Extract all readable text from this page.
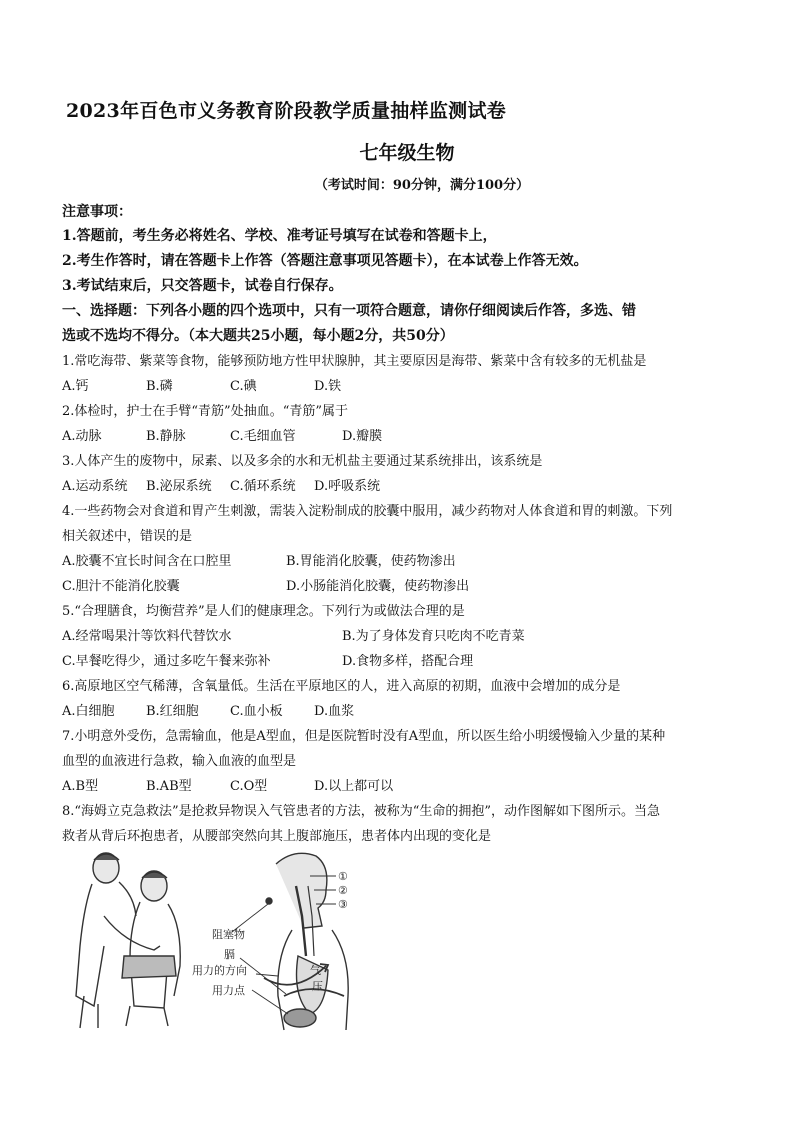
2023年百色市义务教育阶段教学质量抽样监测试卷
七年级生物
（考试时间：90分钟，满分100分）
注意事项：
1.答题前，考生务必将姓名、学校、准考证号填写在试卷和答题卡上，
2.考生作答时，请在答题卡上作答（答题注意事项见答题卡），在本试卷上作答无效。
3.考试结束后，只交答题卡，试卷自行保存。
一、选择题：下列各小题的四个选项中，只有一项符合题意，请你仔细阅读后作答，多选、错
选或不选均不得分。（本大题共25小题，每小题2分，共50分）
1.常吃海带、紫菜等食物，能够预防地方性甲状腺肿，其主要原因是海带、紫菜中含有较多的无机盐是
A.钙	B.磷	C.碘	D.铁
2.体检时，护士在手臂“青筋”处抽血。“青筋”属于
A.动脉	B.静脉	C.毛细血管	D.瓣膜
3.人体产生的废物中，尿素、以及多余的水和无机盐主要通过某系统排出，该系统是
A.运动系统 B.泌尿系统 C.循环系统 D.呼吸系统
4.一些药物会对食道和胃产生刺激，需装入淀粉制成的胶囊中服用，减少药物对人体食道和胃的刺激。下列
相关叙述中，错误的是
A.胶囊不宜长时间含在口腔里	B.胃能消化胶囊，使药物渗出
C.胆汁不能消化胶囊	D.小肠能消化胶囊，使药物渗出
5.“合理膳食，均衡营养”是人们的健康理念。下列行为或做法合理的是
A.经常喝果汁等饮料代替饮水	B.为了身体发育只吃肉不吃青菜
C.早餐吃得少，通过多吃午餐来弥补	D.食物多样，搭配合理
6.高原地区空气稀薄，含氧量低。生活在平原地区的人，进入高原的初期，血液中会增加的成分是
A.白细胞 B.红细胞 C.血小板 D.血浆
7.小明意外受伤，急需输血，他是A型血，但是医院暂时没有A型血，所以医生给小明缓慢输入少量的某种
血型的血液进行急救，输入血液的血型是
A.B型	B.AB型	C.O型	D.以上都可以
8.“海姆立克急救法”是抢救异物误入气管患者的方法，被称为“生命的拥抱”，动作图解如下图所示。当急
救者从背后环抱患者，从腰部突然向其上腹部施压，患者体内出现的变化是
①
②
③
阻塞物
膈
用力的方向
用力点
气
压
